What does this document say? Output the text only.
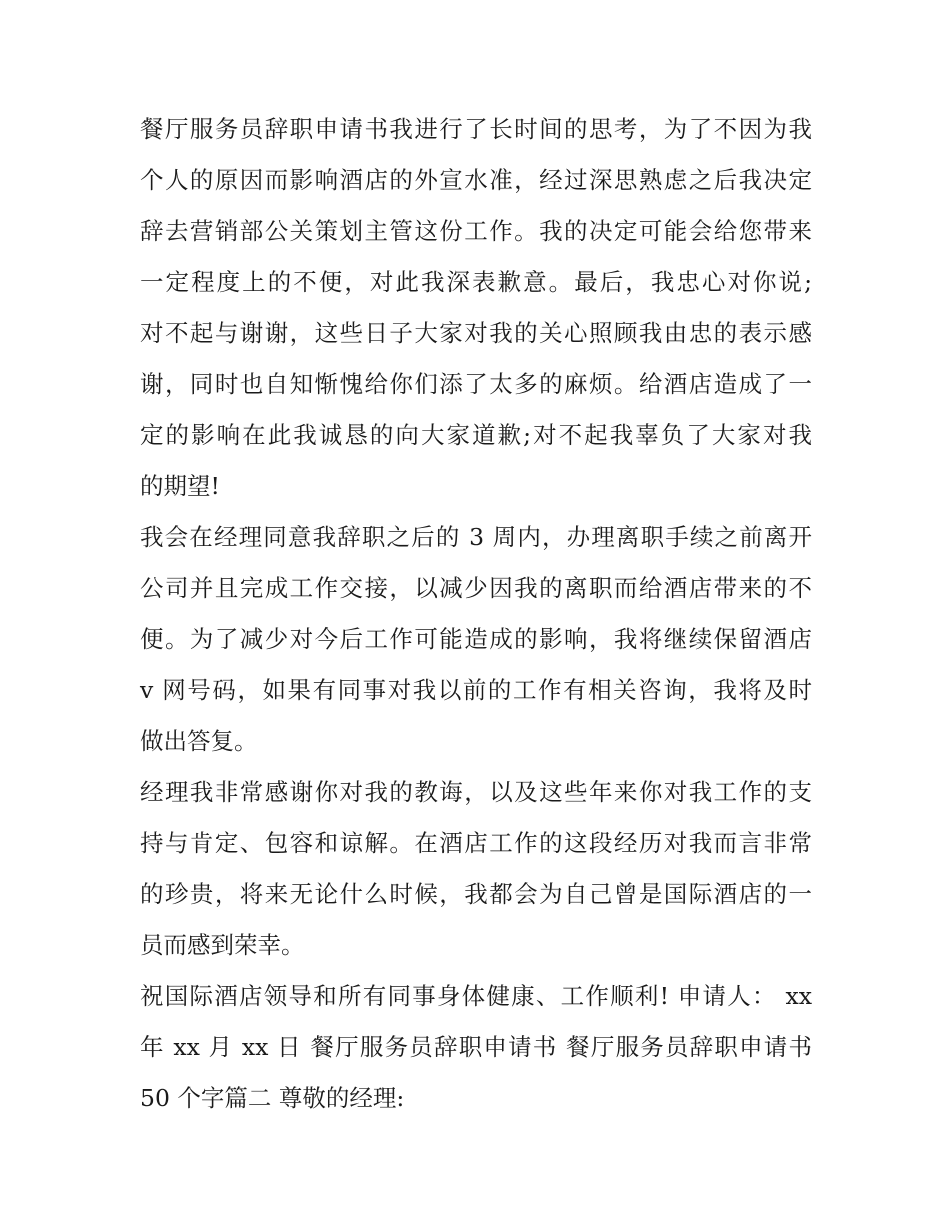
餐厅服务员辞职申请书我进行了长时间的思考，为了不因为我
个人的原因而影响酒店的外宣水准，经过深思熟虑之后我决定
辞去营销部公关策划主管这份工作。我的决定可能会给您带来
一定程度上的不便，对此我深表歉意。最后，我忠心对你说;
对不起与谢谢，这些日子大家对我的关心照顾我由忠的表示感
谢，同时也自知惭愧给你们添了太多的麻烦。给酒店造成了一
定的影响在此我诚恳的向大家道歉;对不起我辜负了大家对我
的期望!
我会在经理同意我辞职之后的 3 周内，办理离职手续之前离开
公司并且完成工作交接，以减少因我的离职而给酒店带来的不
便。为了减少对今后工作可能造成的影响，我将继续保留酒店
v 网号码，如果有同事对我以前的工作有相关咨询，我将及时
做出答复。
经理我非常感谢你对我的教诲，以及这些年来你对我工作的支
持与肯定、包容和谅解。在酒店工作的这段经历对我而言非常
的珍贵，将来无论什么时候，我都会为自己曾是国际酒店的一
员而感到荣幸。
祝国际酒店领导和所有同事身体健康、工作顺利! 申请人： xx
年 xx 月 xx 日 餐厅服务员辞职申请书 餐厅服务员辞职申请书
50 个字篇二 尊敬的经理:
